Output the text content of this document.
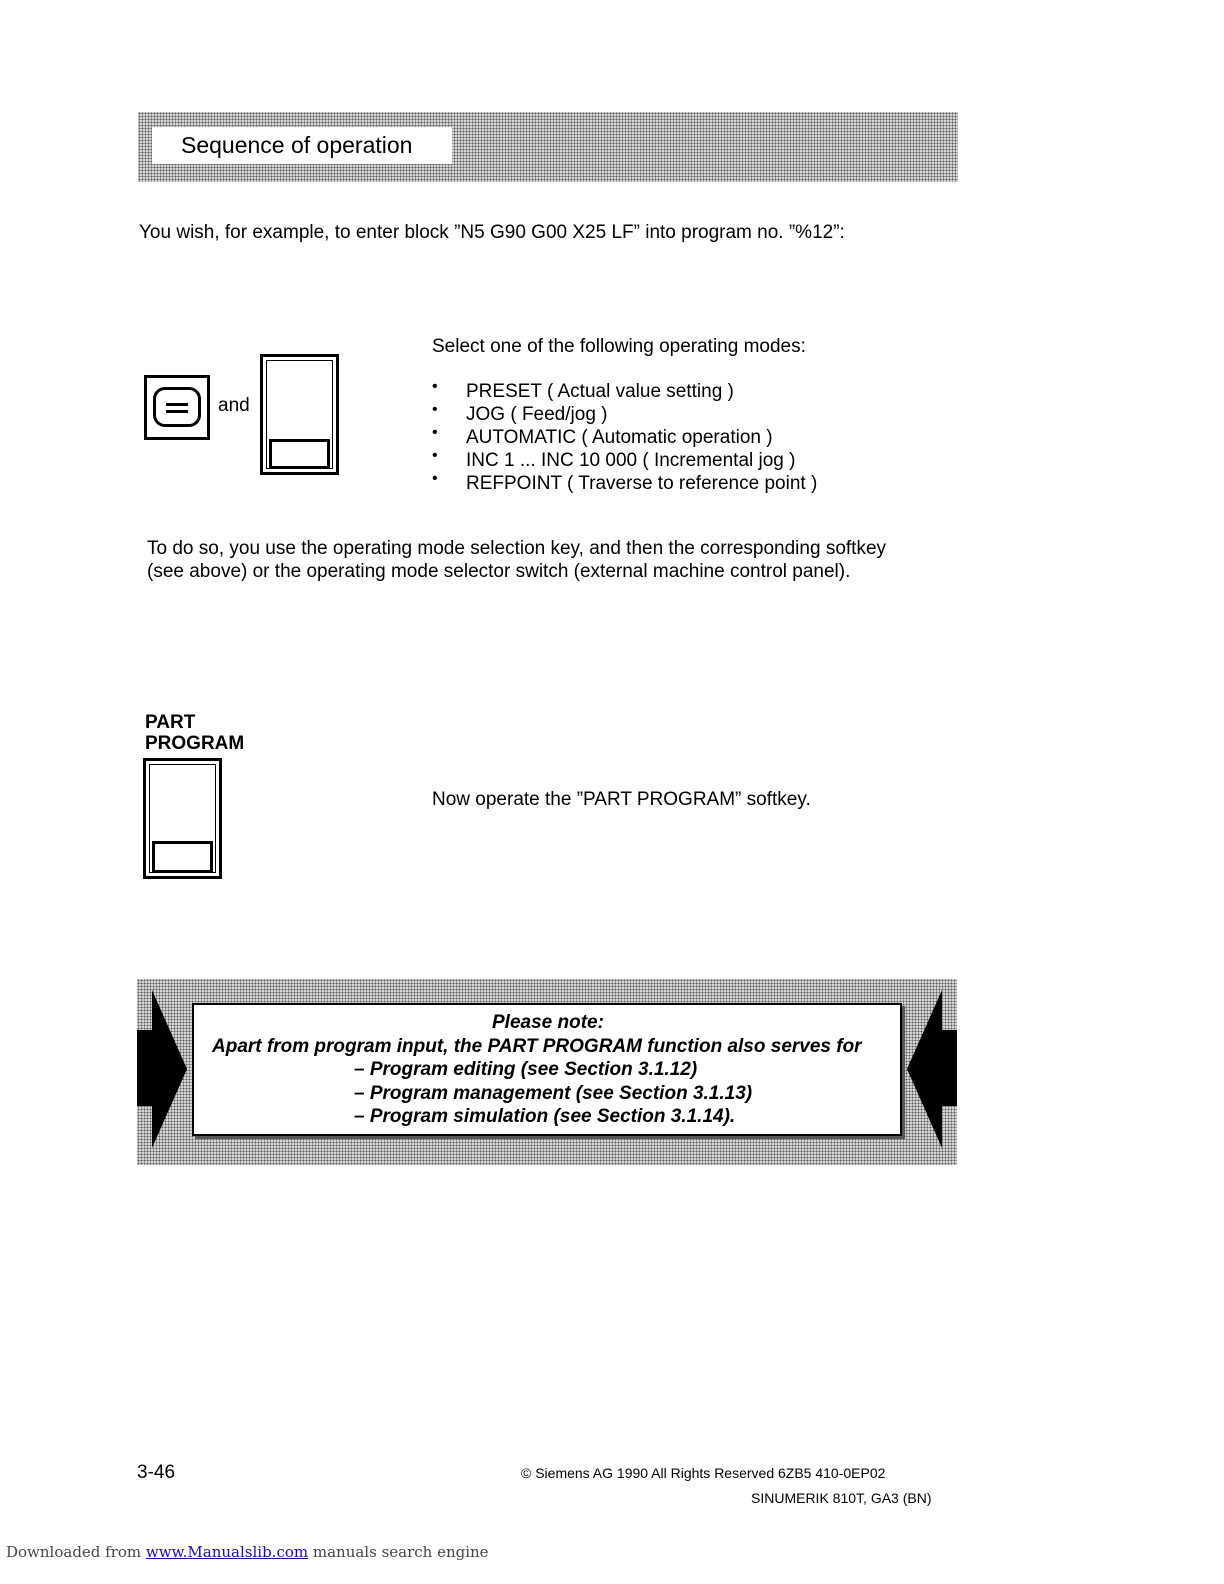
Sequence of operation
You wish, for example, to enter block ”N5 G90 G00 X25 LF” into program no. ”%12”:
and
Select one of the following operating modes:
• PRESET ( Actual value setting )
• JOG ( Feed/jog )
• AUTOMATIC ( Automatic operation )
• INC 1 ... INC 10 000 ( Incremental jog )
• REFPOINT ( Traverse to reference point )
To do so, you use the operating mode selection key, and then the corresponding softkey
(see above) or the operating mode selector switch (external machine control panel).
PART
PROGRAM
Now operate the ”PART PROGRAM” softkey.
Please note:
Apart from program input, the PART PROGRAM function also serves for
– Program editing (see Section 3.1.12)
– Program management (see Section 3.1.13)
– Program simulation (see Section 3.1.14).
3-46	© Siemens AG 1990 All Rights Reserved 6ZB5 410-0EP02
SINUMERIK 810T, GA3 (BN)
Downloaded from www.Manualslib.com manuals search engine
